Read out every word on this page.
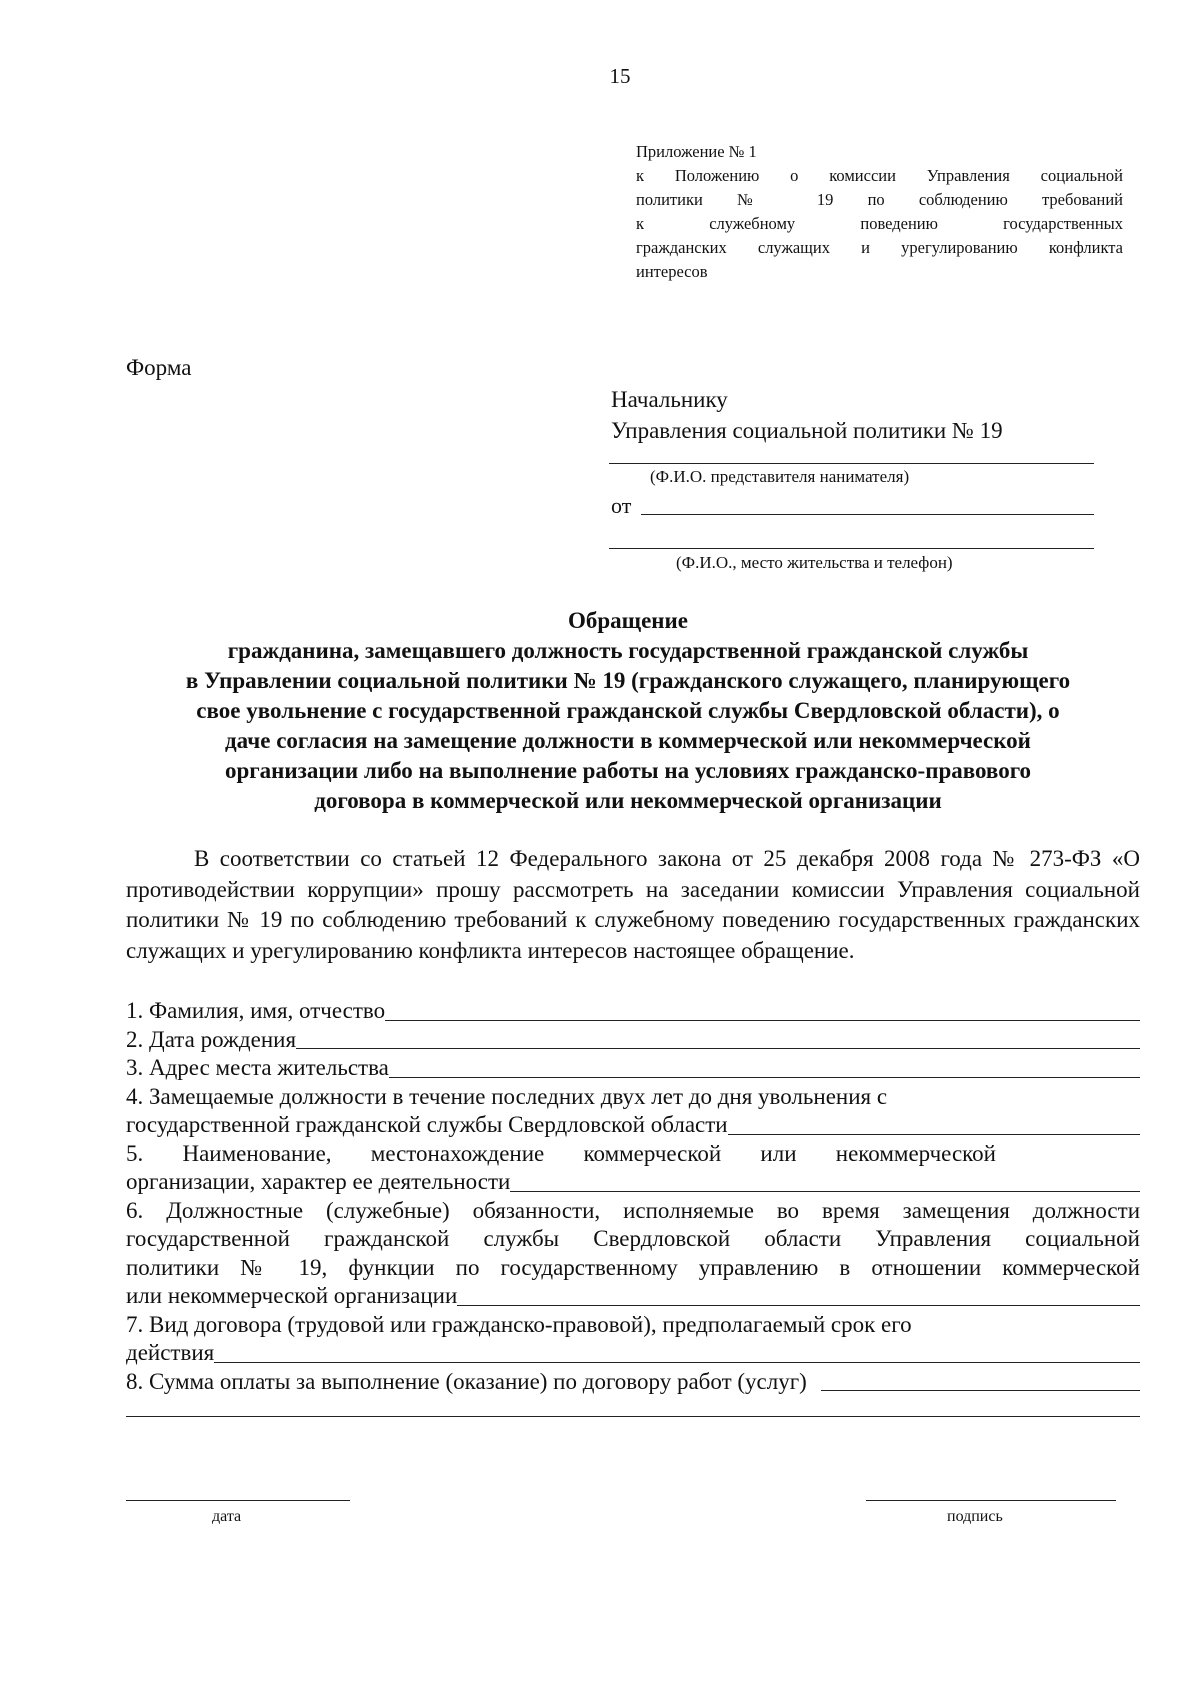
15
Приложение № 1
к Положению о комиссии Управления социальной
политики № 19 по соблюдению требований
к служебному поведению государственных
гражданских служащих и урегулированию конфликта
интересов
Форма
Начальнику
Управления социальной политики № 19
(Ф.И.О. представителя нанимателя)
от
(Ф.И.О., место жительства и телефон)

Обращение

гражданина, замещавшего должность государственной гражданской службы

в Управлении социальной политики № 19 (гражданского служащего, планирующего

свое увольнение с государственной гражданской службы Свердловской области), о

даче согласия на замещение должности в коммерческой или некоммерческой

организации либо на выполнение работы на условиях гражданско-правового

договора в коммерческой или некоммерческой организации

В соответствии со статьей 12 Федерального закона от 25 декабря 2008 года № 273-ФЗ «О противодействии коррупции» прошу рассмотреть на заседании комиссии Управления социальной политики № 19 по соблюдению требований к служебному поведению государственных гражданских служащих и урегулированию конфликта интересов настоящее обращение.
1. Фамилия, имя, отчество
2. Дата рождения
3. Адрес места жительства
4. Замещаемые должности в течение последних двух лет до дня увольнения с
государственной гражданской службы Свердловской области
5. Наименование, местонахождение коммерческой или некоммерческой
организации, характер ее деятельности
6. Должностные (служебные) обязанности, исполняемые во время замещения должности
государственной гражданской службы Свердловской области Управления социальной
политики № 19, функции по государственному управлению в отношении коммерческой
или некоммерческой организации
7. Вид договора (трудовой или гражданско-правовой), предполагаемый срок его
действия
8. Сумма оплаты за выполнение (оказание) по договору работ (услуг)
дата	подпись
